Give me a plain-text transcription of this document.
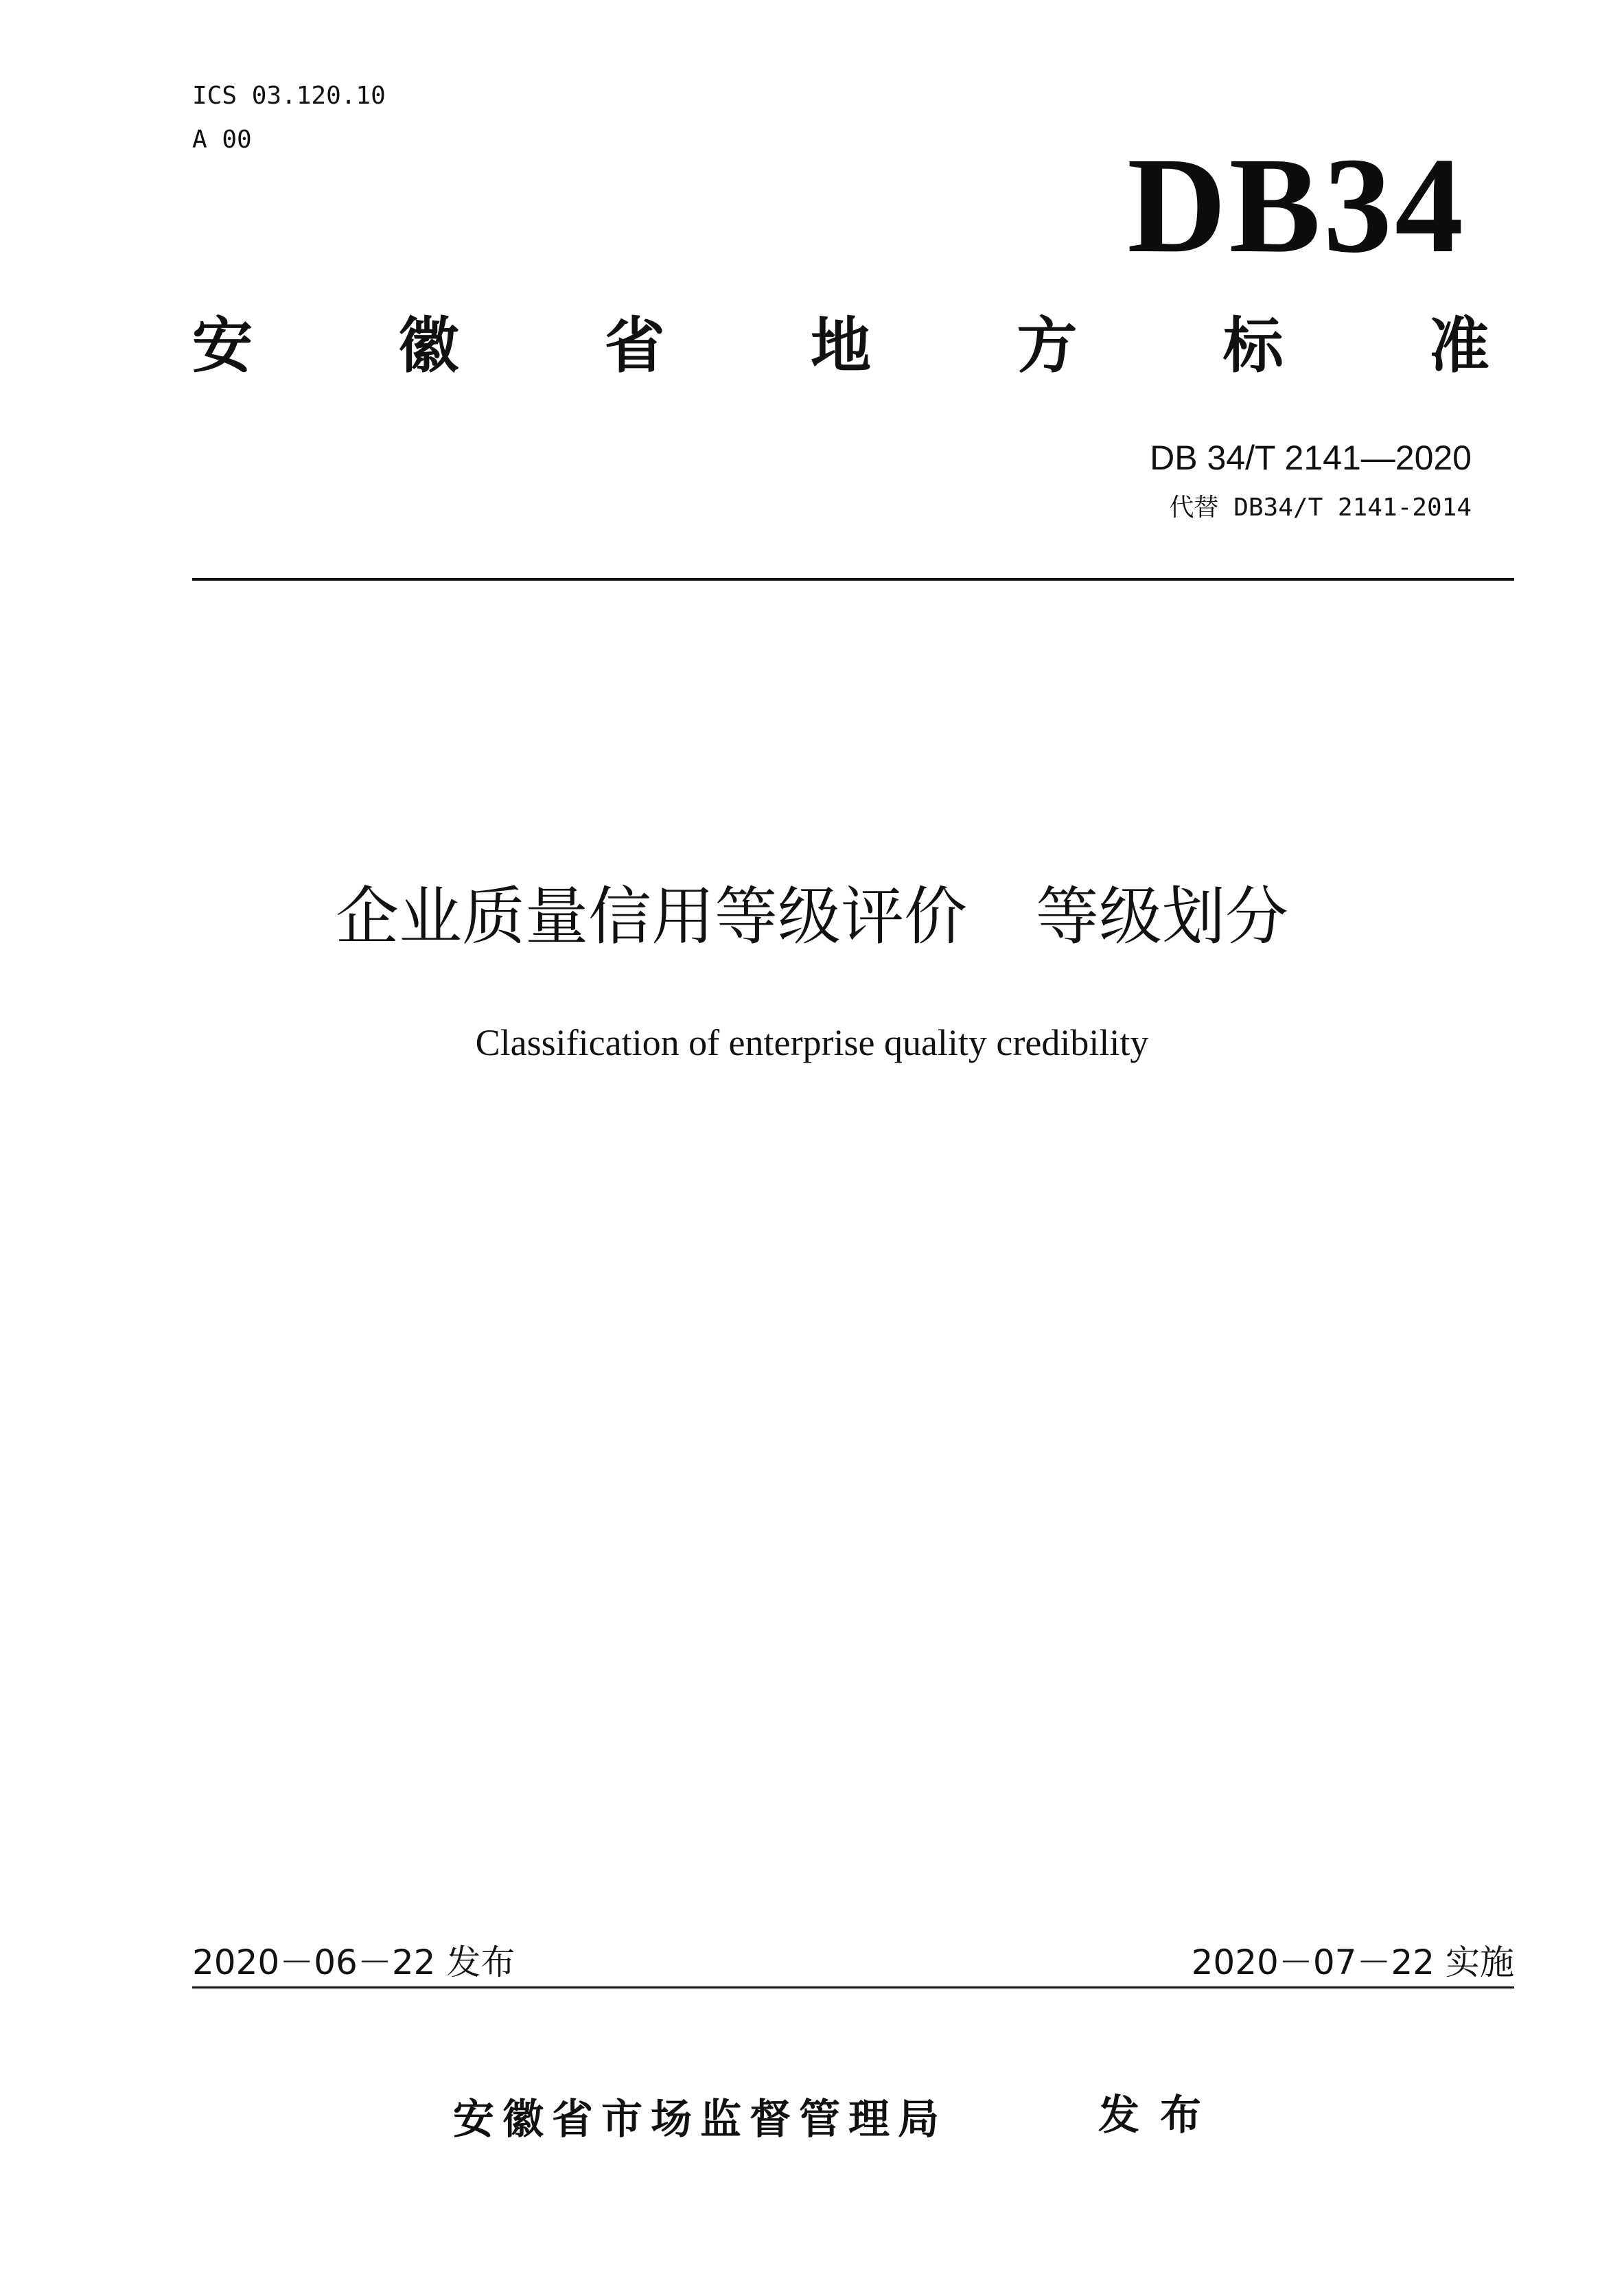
ICS 03.120.10
A 00	DB34
安 徽 省 地 方 标 准
DB 34/T 2141—2020
代替 DB34/T 2141-2014
企业质量信用等级评价 等级划分
Classification of enterprise quality credibility
2020－06－22 发布	2020－07－22 实施
安徽省市场监督管理局	发布
